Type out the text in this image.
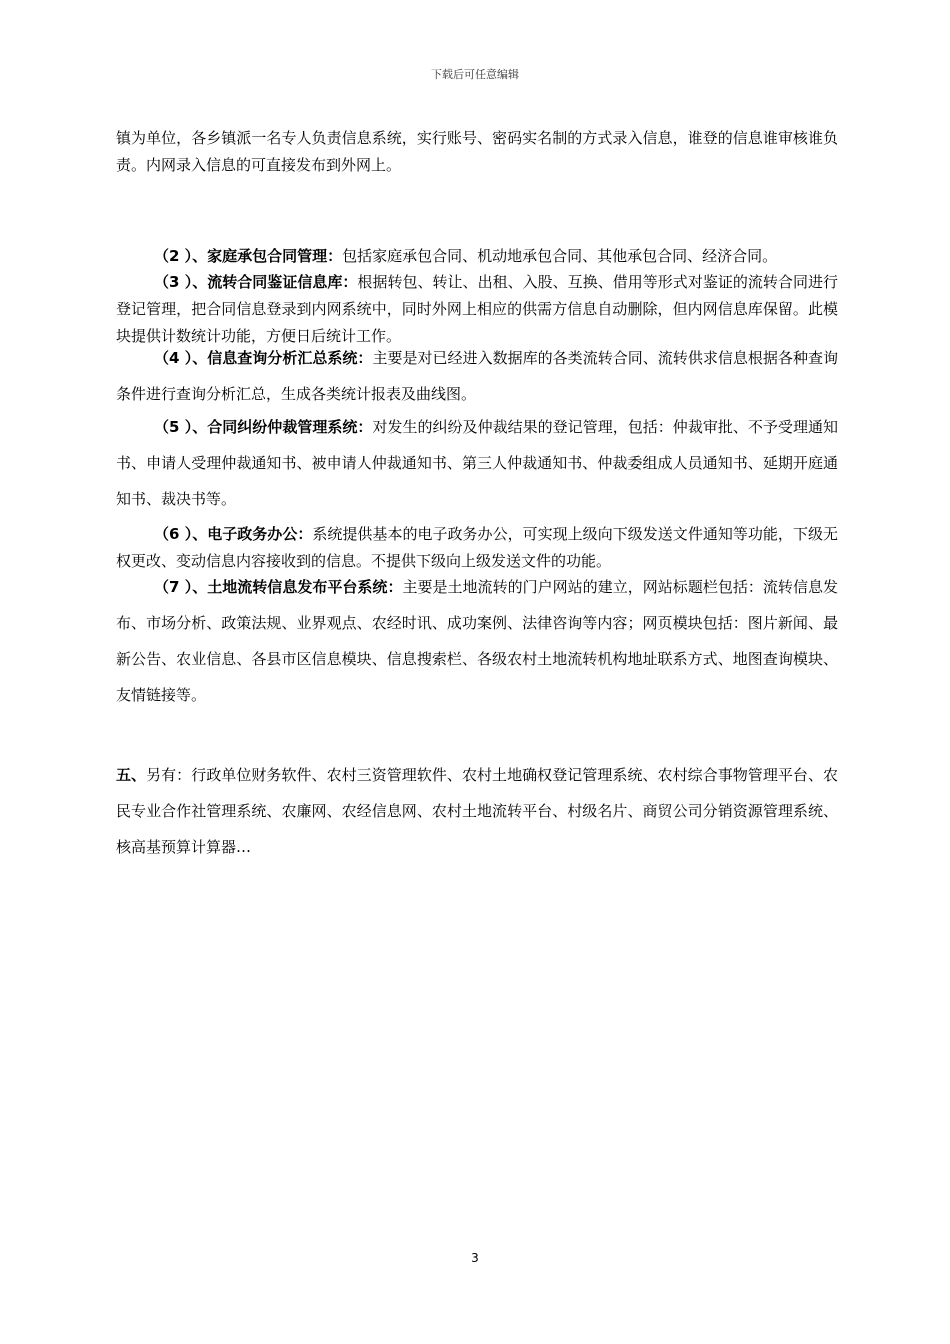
下载后可任意编辑

镇为单位，各乡镇派一名专人负责信息系统，实行账号、密码实名制的方式录入信息，谁登的信息谁审核谁负责。内网录入信息的可直接发布到外网上。

（2 ）、家庭承包合同管理：包括家庭承包合同、机动地承包合同、其他承包合同、经济合同。

（3 ）、流转合同鉴证信息库：根据转包、转让、出租、入股、互换、借用等形式对鉴证的流转合同进行登记管理，把合同信息登录到内网系统中，同时外网上相应的供需方信息自动删除，但内网信息库保留。此模块提供计数统计功能，方便日后统计工作。

（4 ）、信息查询分析汇总系统：主要是对已经进入数据库的各类流转合同、流转供求信息根据各种查询条件进行查询分析汇总，生成各类统计报表及曲线图。

（5 ）、合同纠纷仲裁管理系统：对发生的纠纷及仲裁结果的登记管理，包括：仲裁审批、不予受理通知书、申请人受理仲裁通知书、被申请人仲裁通知书、第三人仲裁通知书、仲裁委组成人员通知书、延期开庭通知书、裁决书等。

（6 ）、电子政务办公：系统提供基本的电子政务办公，可实现上级向下级发送文件通知等功能，下级无权更改、变动信息内容接收到的信息。不提供下级向上级发送文件的功能。

（7 ）、土地流转信息发布平台系统：主要是土地流转的门户网站的建立，网站标题栏包括：流转信息发布、市场分析、政策法规、业界观点、农经时讯、成功案例、法律咨询等内容；网页模块包括：图片新闻、最新公告、农业信息、各县市区信息模块、信息搜索栏、各级农村土地流转机构地址联系方式、地图查询模块、友情链接等。

五、另有：行政单位财务软件、农村三资管理软件、农村土地确权登记管理系统、农村综合事物管理平台、农民专业合作社管理系统、农廉网、农经信息网、农村土地流转平台、村级名片、商贸公司分销资源管理系统、核高基预算计算器…

3
